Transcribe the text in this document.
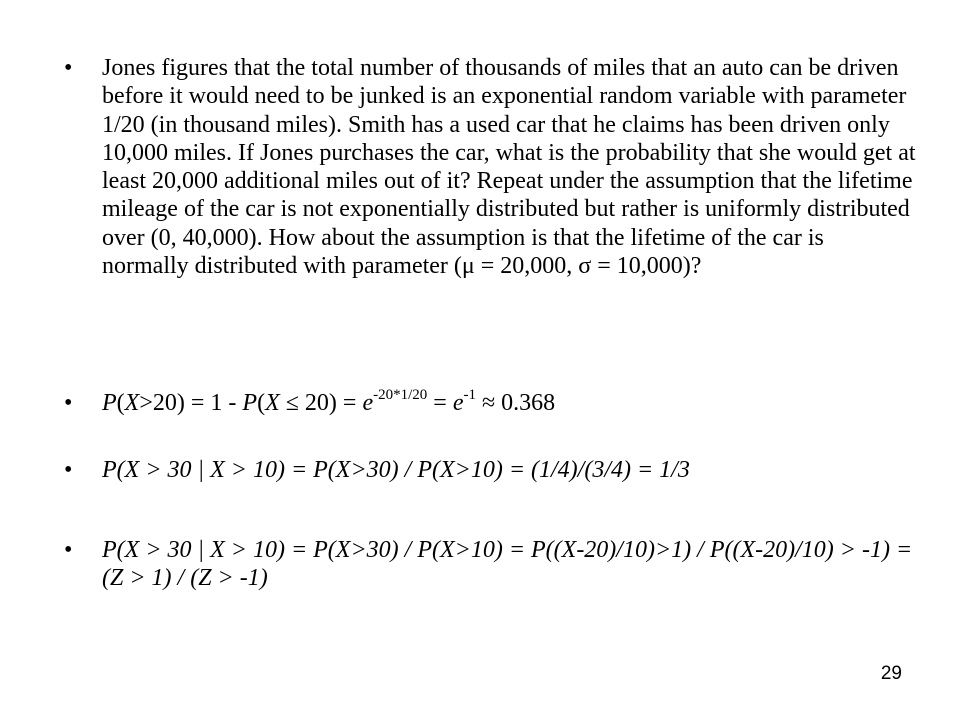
•	Jones figures that the total number of thousands of miles that an auto can be driven before it would need to be junked is an exponential random variable with parameter 1/20 (in thousand miles). Smith has a used car that he claims has been driven only 10,000 miles. If Jones purchases the car, what is the probability that she would get at least 20,000 additional miles out of it? Repeat under the assumption that the lifetime mileage of the car is not exponentially distributed but rather is uniformly distributed over (0, 40,000). How about the assumption is that the lifetime of the car is normally distributed with parameter (μ = 20,000, σ = 10,000)?
•	$P(X>20) = 1 - P(X \le 20) = e^{-20*1/20} = e^{-1} \approx 0.368$
•	P(X > 30 | X > 10) = P(X>30) / P(X>10) = (1/4)/(3/4) = 1/3
•	P(X > 30 | X > 10) = P(X>30) / P(X>10) = P((X-20)/10)>1) / P((X-20)/10) > -1) = (Z > 1) / (Z > -1)
29
